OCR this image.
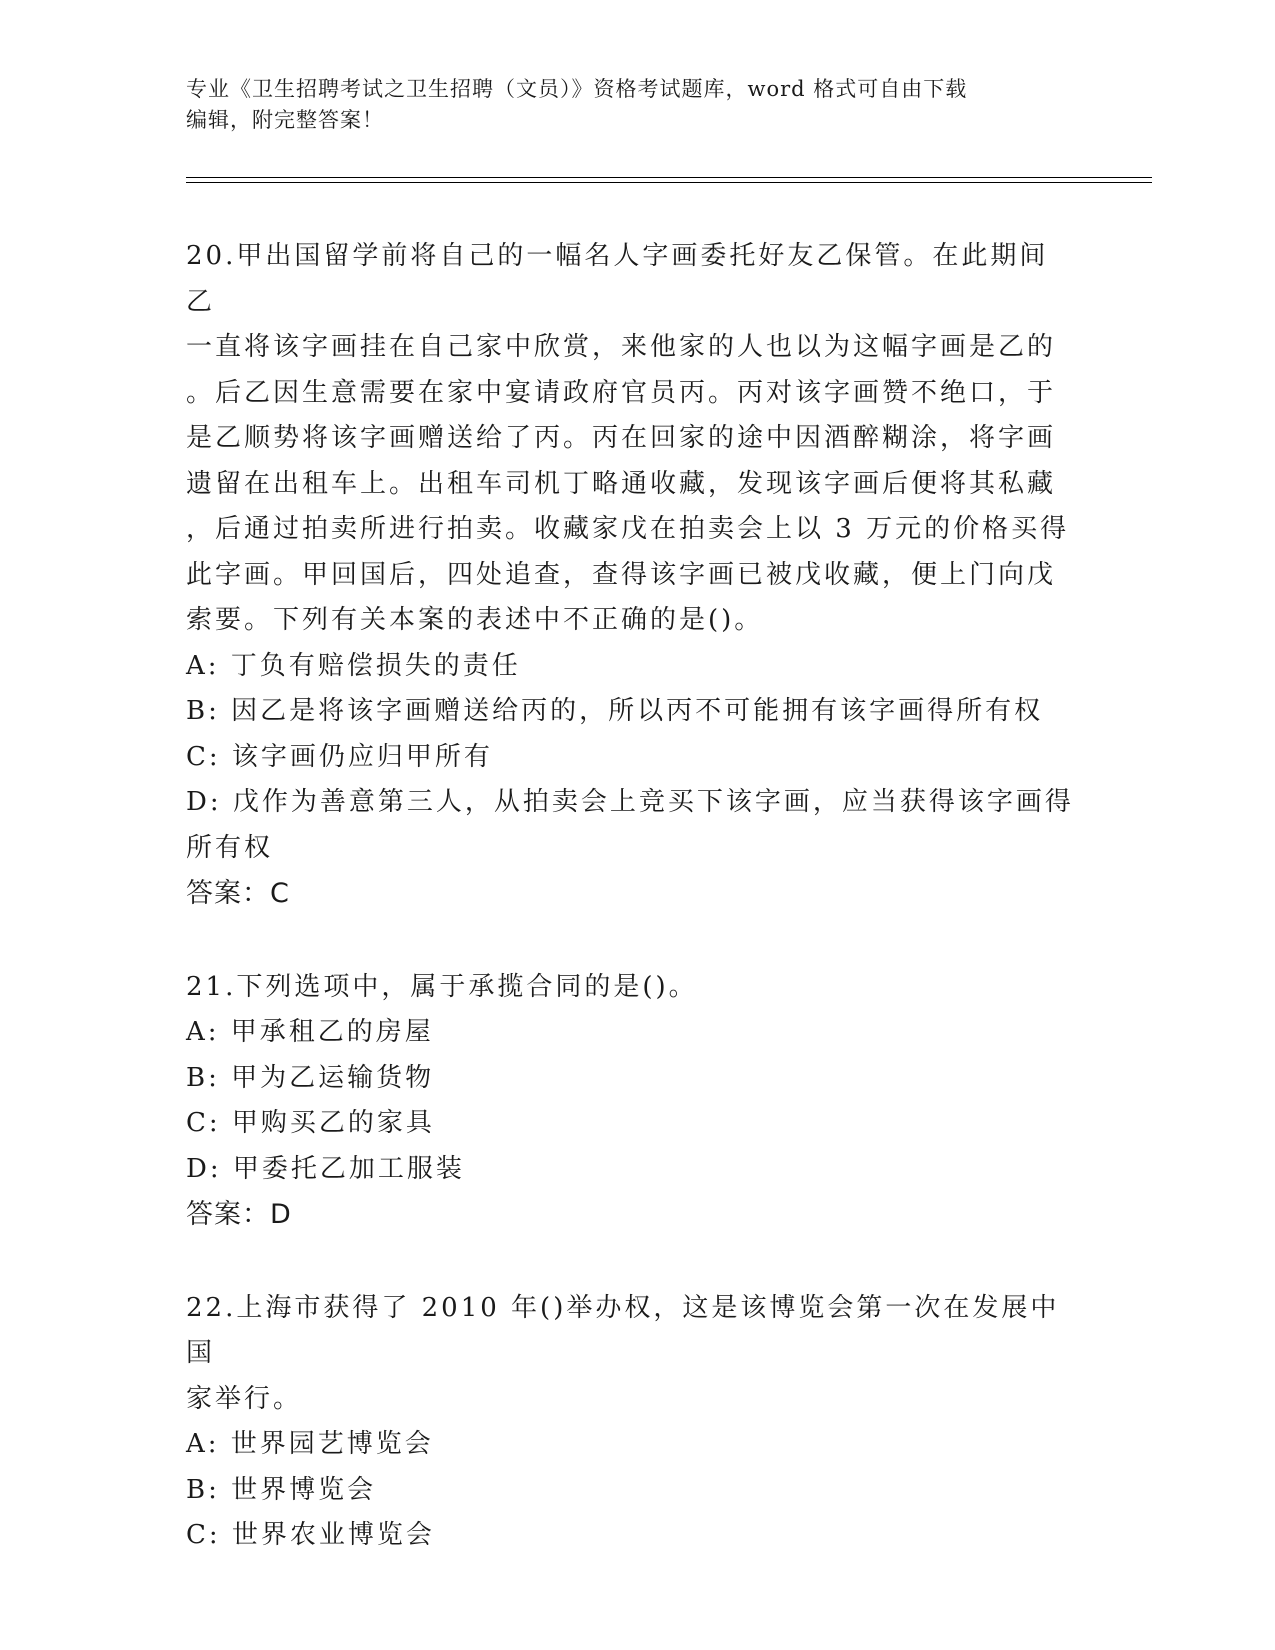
专业《卫生招聘考试之卫生招聘（文员）》资格考试题库，word 格式可自由下载
编辑，附完整答案！
20.甲出国留学前将自己的一幅名人字画委托好友乙保管。在此期间乙
一直将该字画挂在自己家中欣赏，来他家的人也以为这幅字画是乙的
。后乙因生意需要在家中宴请政府官员丙。丙对该字画赞不绝口，于
是乙顺势将该字画赠送给了丙。丙在回家的途中因酒醉糊涂，将字画
遗留在出租车上。出租车司机丁略通收藏，发现该字画后便将其私藏
，后通过拍卖所进行拍卖。收藏家戊在拍卖会上以 3 万元的价格买得
此字画。甲回国后，四处追查，查得该字画已被戊收藏，便上门向戊
索要。下列有关本案的表述中不正确的是()。
A: 丁负有赔偿损失的责任
B: 因乙是将该字画赠送给丙的，所以丙不可能拥有该字画得所有权
C: 该字画仍应归甲所有
D: 戊作为善意第三人，从拍卖会上竞买下该字画，应当获得该字画得
所有权
答案：C
21.下列选项中，属于承揽合同的是()。
A: 甲承租乙的房屋
B: 甲为乙运输货物
C: 甲购买乙的家具
D: 甲委托乙加工服装
答案：D
22.上海市获得了 2010 年()举办权，这是该博览会第一次在发展中国
家举行。
A: 世界园艺博览会
B: 世界博览会
C: 世界农业博览会
